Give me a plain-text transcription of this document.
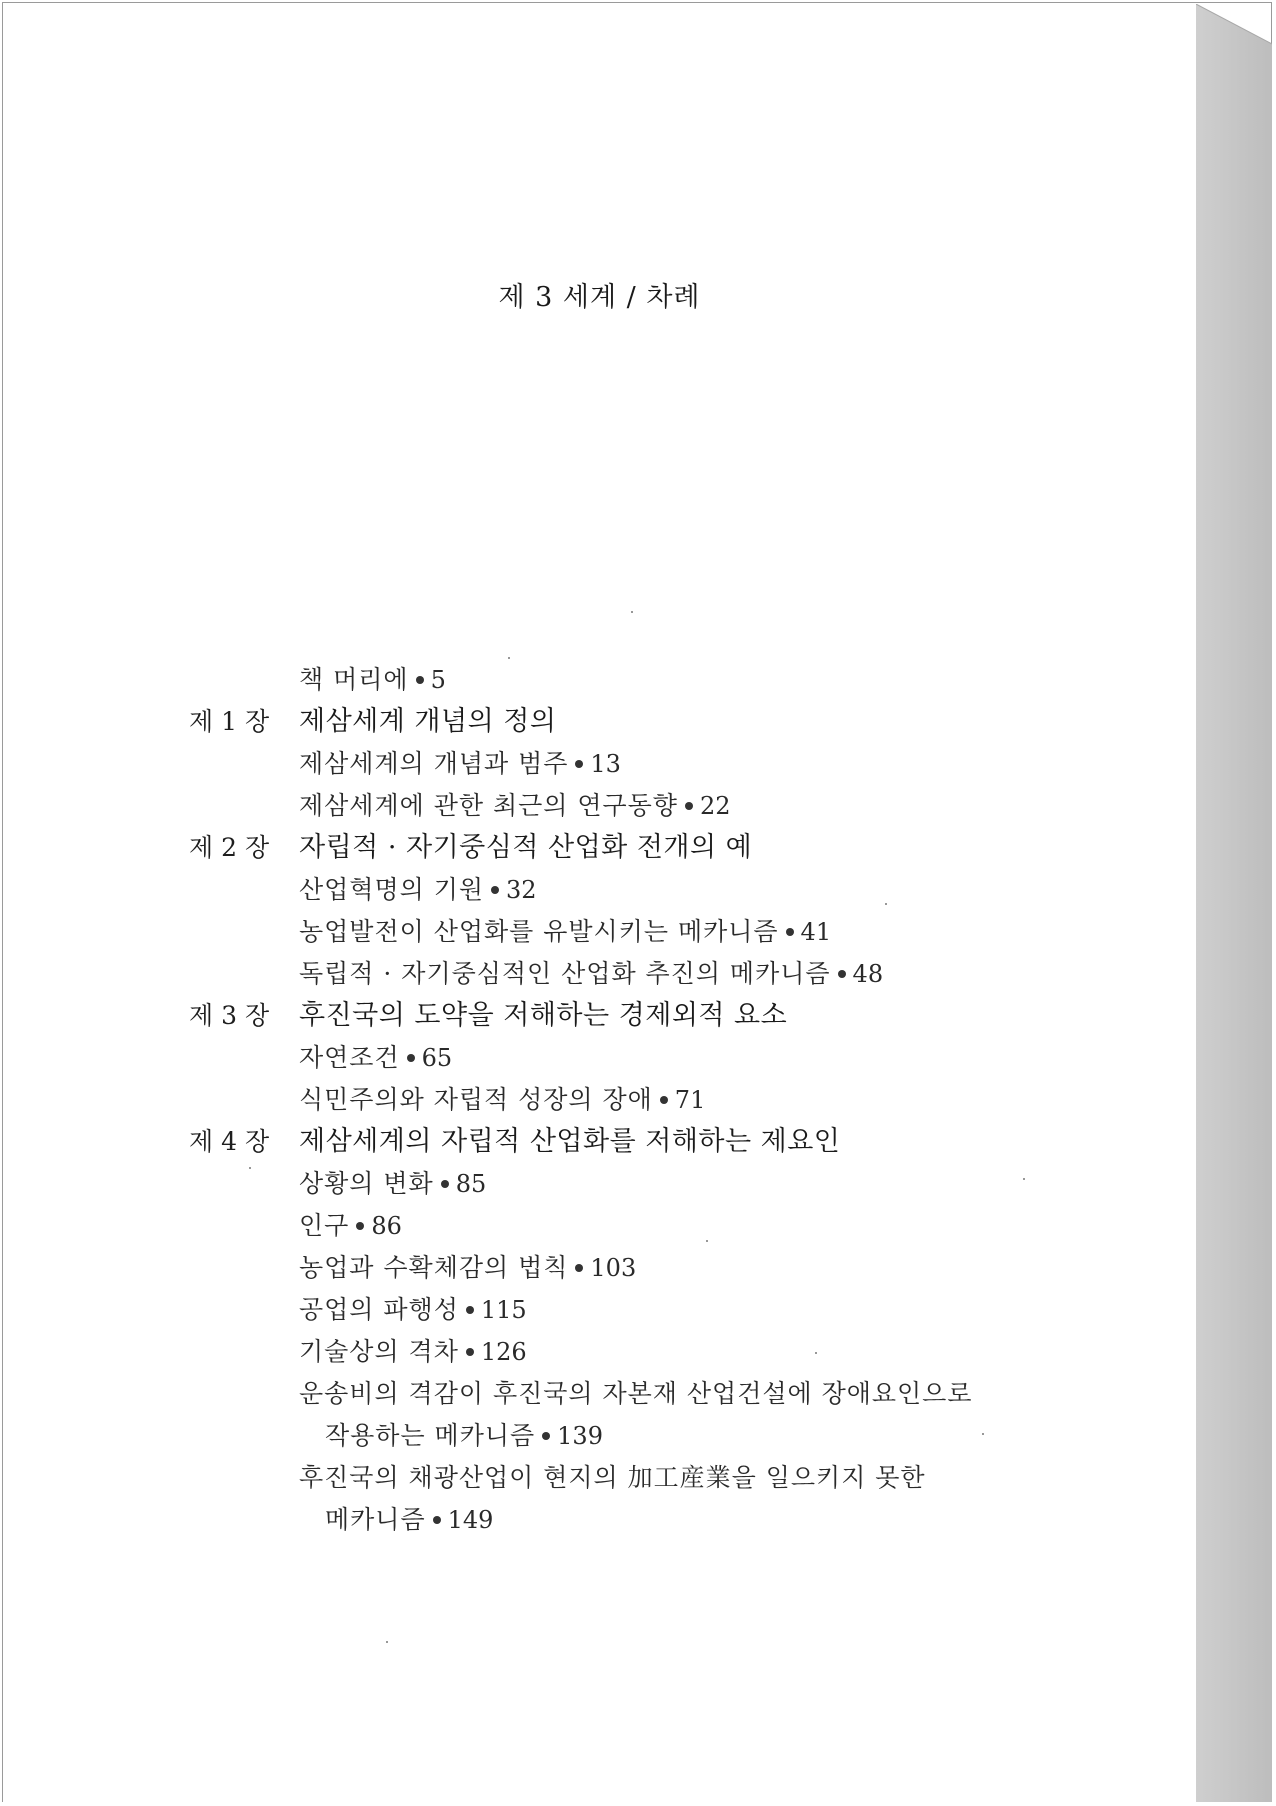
제 3 세계 / 차례
책 머리에 5
제 1 장 제삼세계 개념의 정의
제삼세계의 개념과 범주 13
제삼세계에 관한 최근의 연구동향 22
제 2 장 자립적 · 자기중심적 산업화 전개의 예
산업혁명의 기원 32
농업발전이 산업화를 유발시키는 메카니즘 41
독립적 · 자기중심적인 산업화 추진의 메카니즘 48
제 3 장 후진국의 도약을 저해하는 경제외적 요소
자연조건 65
식민주의와 자립적 성장의 장애 71
제 4 장 제삼세계의 자립적 산업화를 저해하는 제요인
상황의 변화 85
인구 86
농업과 수확체감의 법칙 103
공업의 파행성 115
기술상의 격차 126
운송비의 격감이 후진국의 자본재 산업건설에 장애요인으로
작용하는 메카니즘 139
후진국의 채광산업이 현지의 加工産業을 일으키지 못한
메카니즘 149
